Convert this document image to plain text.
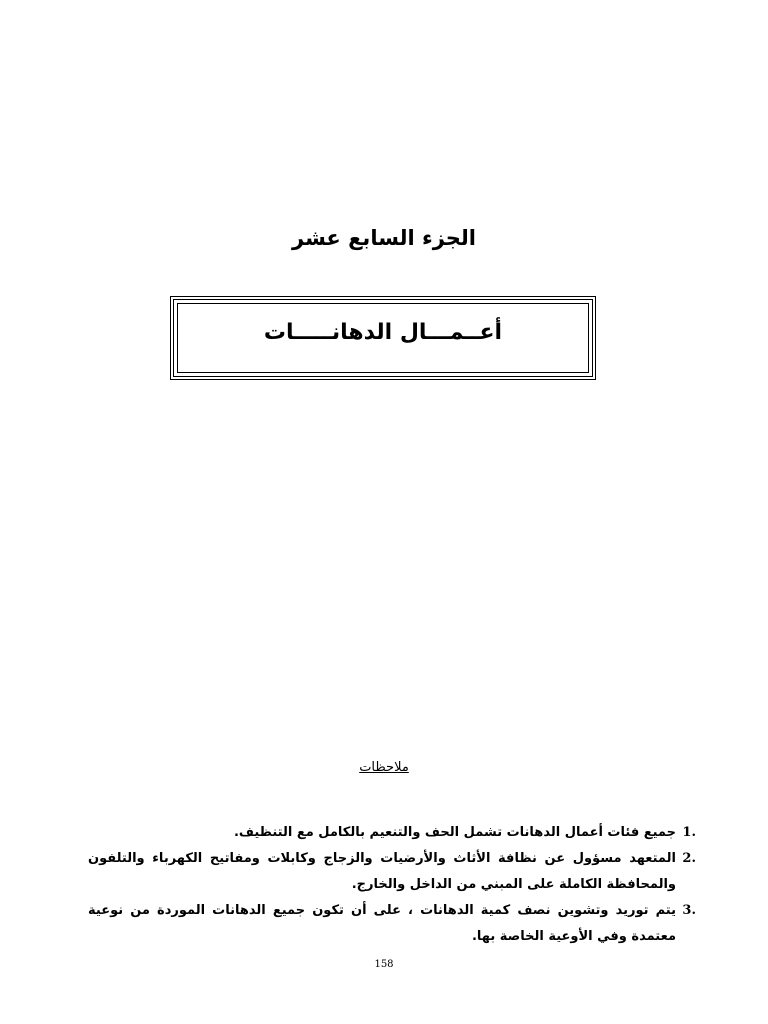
الجزء السابع عشر
أعــمـــال الدهانـــــات
ملاحظات
1.
جميع فئات أعمال الدهانات تشمل الحف والتنعيم بالكامل مع التنظيف.
2.
المتعهد مسؤول عن نظافة الأثاث والأرضيات والزجاج وكابلات ومفاتيح الكهرباء والتلفون والمحافظة الكاملة على المبني من الداخل والخارج.
3.
يتم توريد وتشوين نصف كمية الدهانات ، على أن تكون جميع الدهانات الموردة من نوعية معتمدة وفي الأوعية الخاصة بها.
158
